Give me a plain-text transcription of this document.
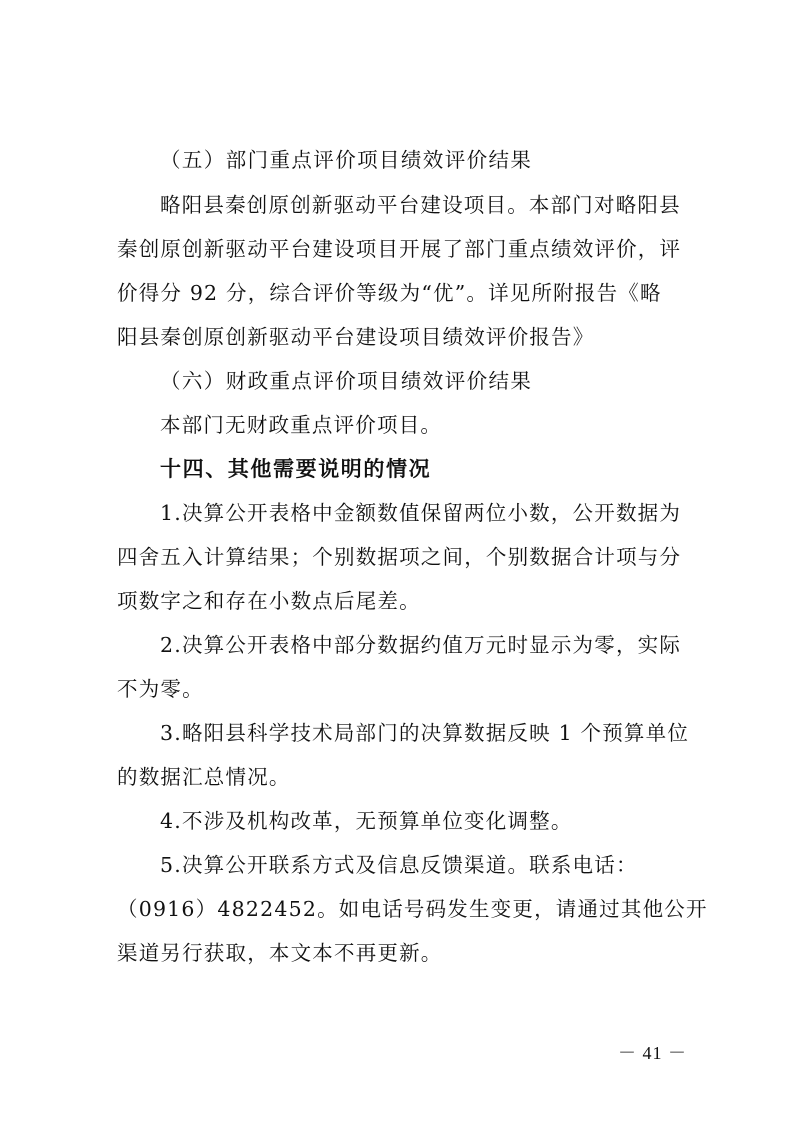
（五）部门重点评价项目绩效评价结果
略阳县秦创原创新驱动平台建设项目。本部门对略阳县
秦创原创新驱动平台建设项目开展了部门重点绩效评价，评
价得分 92 分，综合评价等级为“优”。详见所附报告《略
阳县秦创原创新驱动平台建设项目绩效评价报告》
（六）财政重点评价项目绩效评价结果
本部门无财政重点评价项目。
十四、其他需要说明的情况
1.决算公开表格中金额数值保留两位小数，公开数据为
四舍五入计算结果；个别数据项之间，个别数据合计项与分
项数字之和存在小数点后尾差。
2.决算公开表格中部分数据约值万元时显示为零，实际
不为零。
3.略阳县科学技术局部门的决算数据反映 1 个预算单位
的数据汇总情况。
4.不涉及机构改革，无预算单位变化调整。
5.决算公开联系方式及信息反馈渠道。联系电话：
（0916）4822452。如电话号码发生变更，请通过其他公开
渠道另行获取，本文本不再更新。
－ 41 －
